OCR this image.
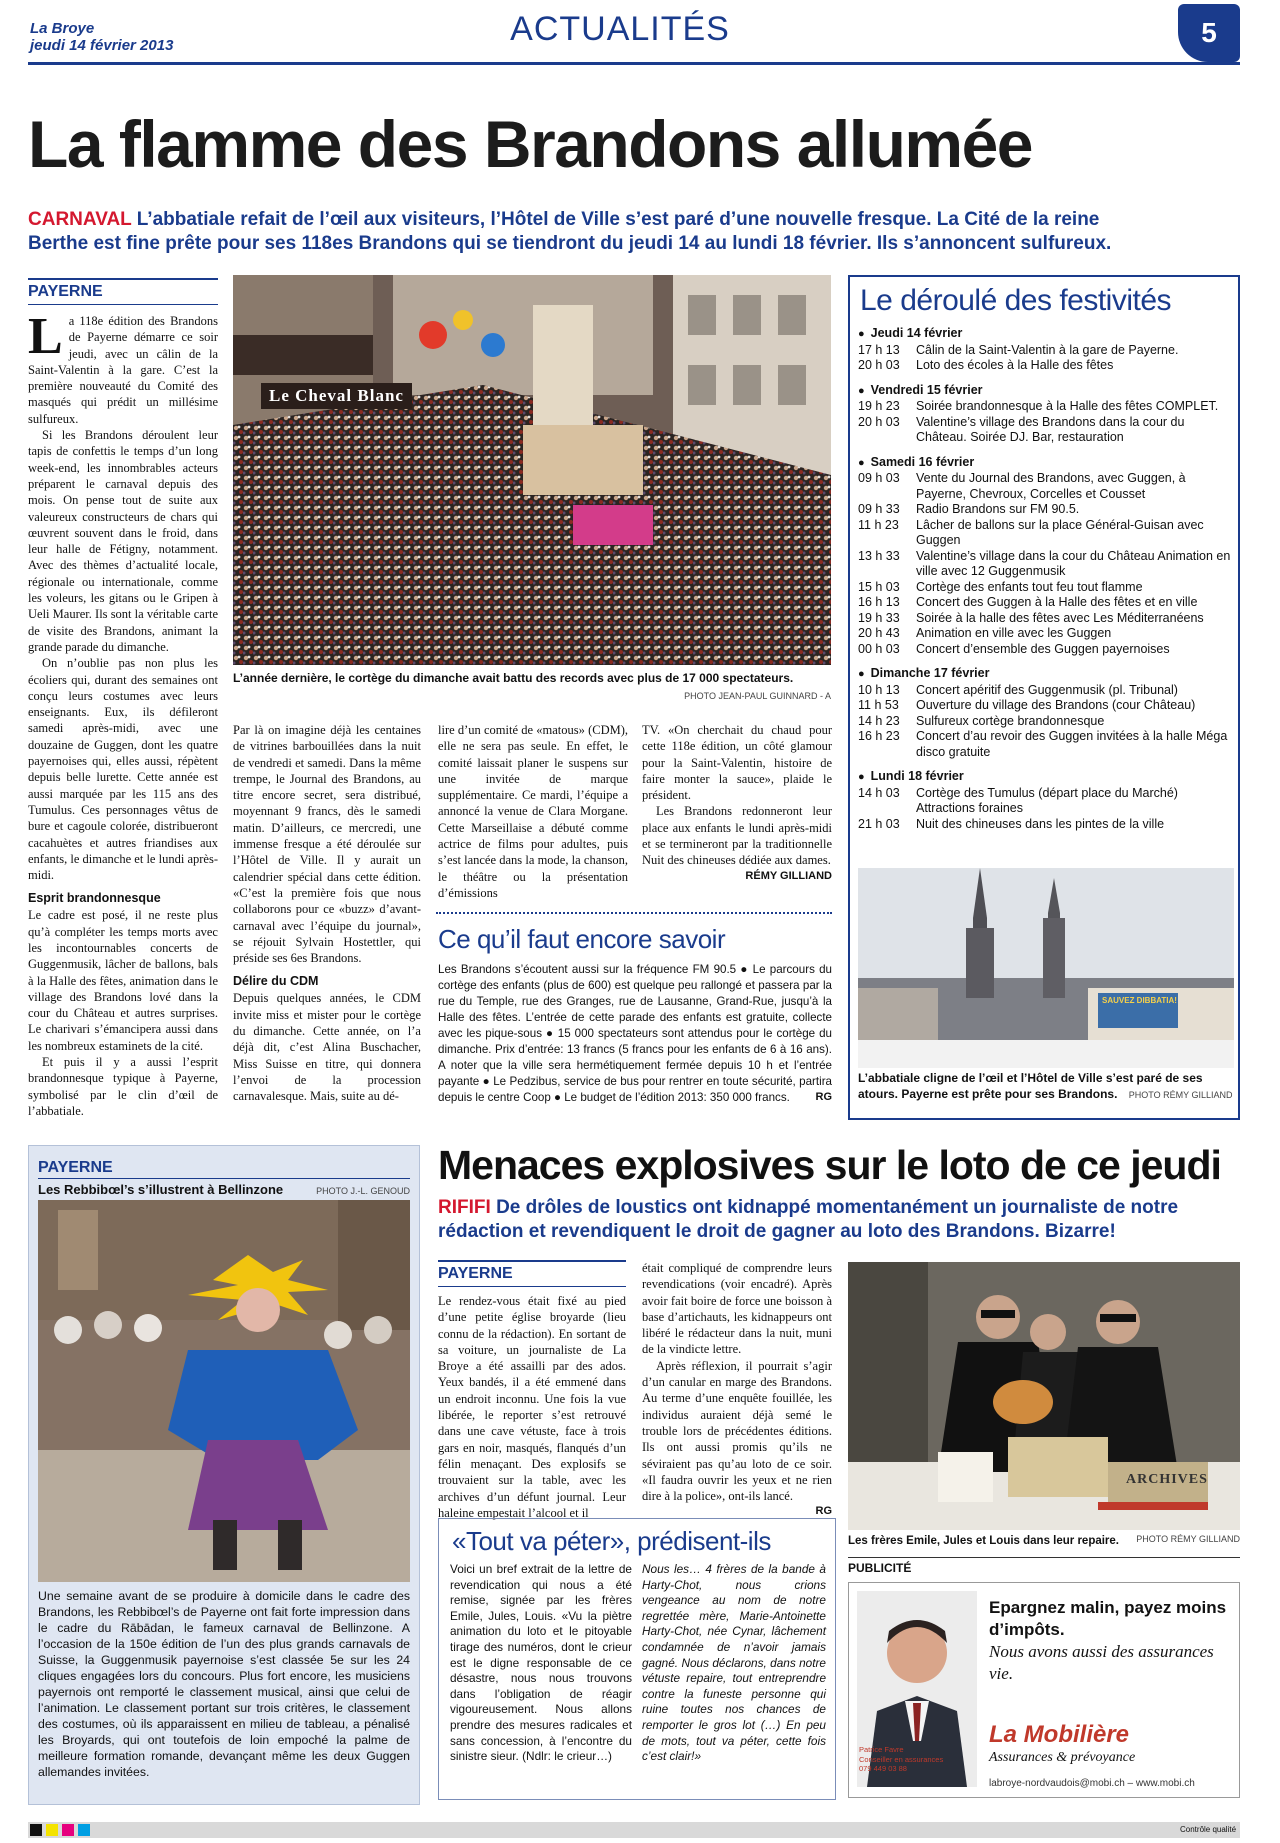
La Broye
jeudi 14 février 2013	ACTUALITÉS	5
La flamme des Brandons allumée
CARNAVAL L’abbatiale refait de l’œil aux visiteurs, l’Hôtel de Ville s’est paré d’une nouvelle fresque. La Cité de la reine
Berthe est fine prête pour ses 118es Brandons qui se tiendront du jeudi 14 au lundi 18 février. Ils s’annoncent sulfureux.
PAYERNE

La 118e édition des Brandons de Payerne démarre ce soir jeudi, avec un câlin de la Saint-Valentin à la gare. C’est la première nouveauté du Comité des masqués qui prédit un millésime sulfureux.

Si les Brandons déroulent leur tapis de confettis le temps d’un long week-end, les innombrables acteurs préparent le carnaval depuis des mois. On pense tout de suite aux valeureux constructeurs de chars qui œuvrent souvent dans le froid, dans leur halle de Fétigny, notamment. Avec des thèmes d’actualité locale, régionale ou internationale, comme les voleurs, les gitans ou le Gripen à Ueli Maurer. Ils sont la véritable carte de visite des Brandons, animant la grande parade du dimanche.

On n’oublie pas non plus les écoliers qui, durant des semaines ont conçu leurs costumes avec leurs enseignants. Eux, ils défileront samedi après-midi, avec une douzaine de Guggen, dont les quatre payernoises qui, elles aussi, répètent depuis belle lurette. Cette année est aussi marquée par les 115 ans des Tumulus. Ces personnages vêtus de bure et cagoule colorée, distribueront cacahuètes et autres friandises aux enfants, le dimanche et le lundi après-midi.

Esprit brandonnesque

Le cadre est posé, il ne reste plus qu’à compléter les temps morts avec les incontournables concerts de Guggenmusik, lâcher de ballons, bals à la Halle des fêtes, animation dans le village des Brandons lové dans la cour du Château et autres surprises. Le charivari s’émancipera aussi dans les nombreux estaminets de la cité.

Et puis il y a aussi l’esprit brandonnesque typique à Payerne, symbolisé par le clin d’œil de l’abbatiale.

Le Cheval Blanc
L’année dernière, le cortège du dimanche avait battu des records avec plus de 17 000 spectateurs.
PHOTO JEAN-PAUL GUINNARD - A

Par là on imagine déjà les centaines de vitrines barbouillées dans la nuit de vendredi et samedi. Dans la même trempe, le Journal des Brandons, au titre encore secret, sera distribué, moyennant 9 francs, dès le samedi matin. D’ailleurs, ce mercredi, une immense fresque a été déroulée sur l’Hôtel de Ville. Il y aurait un calendrier spécial dans cette édition. «C’est la première fois que nous collaborons pour ce «buzz» d’avant-carnaval avec l’équipe du journal», se réjouit Sylvain Hostettler, qui préside ses 6es Brandons.

Délire du CDM

Depuis quelques années, le CDM invite miss et mister pour le cortège du dimanche. Cette année, on l’a déjà dit, c’est Alina Buschacher, Miss Suisse en titre, qui donnera l’envoi de la procession carnavalesque. Mais, suite au dé-

lire d’un comité de «matous» (CDM), elle ne sera pas seule. En effet, le comité laissait planer le suspens sur une invitée de marque supplémentaire. Ce mardi, l’équipe a annoncé la venue de Clara Morgane. Cette Marseillaise a débuté comme actrice de films pour adultes, puis s’est lancée dans la mode, la chanson, le théâtre ou la présentation d’émissions

TV. «On cherchait du chaud pour cette 118e édition, un côté glamour pour la Saint-Valentin, histoire de faire monter la sauce», plaide le président.

Les Brandons redonneront leur place aux enfants le lundi après-midi et se termineront par la traditionnelle Nuit des chineuses dédiée aux dames.

RÉMY GILLIAND
Le déroulé des festivités
● Jeudi 14 février
17 h 13	Câlin de la Saint-Valentin à la gare de Payerne.
20 h 03	Loto des écoles à la Halle des fêtes
● Vendredi 15 février
19 h 23	Soirée brandonnesque à la Halle des fêtes COMPLET.
20 h 03	Valentine’s village des Brandons dans la cour du Château. Soirée DJ. Bar, restauration
● Samedi 16 février
09 h 03	Vente du Journal des Brandons, avec Guggen, à Payerne, Chevroux, Corcelles et Cousset
09 h 33	Radio Brandons sur FM 90.5.
11 h 23	Lâcher de ballons sur la place Général-Guisan avec Guggen
13 h 33	Valentine’s village dans la cour du Château Animation en ville avec 12 Guggenmusik
15 h 03	Cortège des enfants tout feu tout flamme
16 h 13	Concert des Guggen à la Halle des fêtes et en ville
19 h 33	Soirée à la halle des fêtes avec Les Méditerranéens
20 h 43	Animation en ville avec les Guggen
00 h 03	Concert d’ensemble des Guggen payernoises
● Dimanche 17 février
10 h 13	Concert apéritif des Guggenmusik (pl. Tribunal)
11 h 53	Ouverture du village des Brandons (cour Château)
14 h 23	Sulfureux cortège brandonnesque
16 h 23	Concert d’au revoir des Guggen invitées à la halle Méga disco gratuite
● Lundi 18 février
14 h 03	Cortège des Tumulus (départ place du Marché) Attractions foraines
21 h 03	Nuit des chineuses dans les pintes de la ville
SAUVEZ DIBBATIA!
L’abbatiale cligne de l’œil et l’Hôtel de Ville s’est paré de ses atours. Payerne est prête pour ses Brandons. PHOTO RÉMY GILLIAND
Ce qu’il faut encore savoir
Les Brandons s’écoutent aussi sur la fréquence FM 90.5 ● Le parcours du cortège des enfants (plus de 600) est quelque peu rallongé et passera par la rue du Temple, rue des Granges, rue de Lausanne, Grand-Rue, jusqu’à la Halle des fêtes. L’entrée de cette parade des enfants est gratuite, collecte avec les pique-sous ● 15 000 spectateurs sont attendus pour le cortège du dimanche. Prix d’entrée: 13 francs (5 francs pour les enfants de 6 à 16 ans). A noter que la ville sera hermétiquement fermée depuis 10 h et l’entrée payante ● Le Pedzibus, service de bus pour rentrer en toute sécurité, partira depuis le centre Coop ● Le budget de l’édition 2013: 350 000 francs. RG
PAYERNE
Les Rebbibœl’s s’illustrent à Bellinzone	PHOTO J.-L. GENOUD
Une semaine avant de se produire à domicile dans le cadre des Brandons, les Rebbibœl’s de Payerne ont fait forte impression dans le cadre du Rābādan, le fameux carnaval de Bellinzone. A l’occasion de la 150e édition de l’un des plus grands carnavals de Suisse, la Guggenmusik payernoise s’est classée 5e sur les 24 cliques engagées lors du concours. Plus fort encore, les musiciens payernois ont remporté le classement musical, ainsi que celui de l’animation. Le classement portant sur trois critères, le classement des costumes, où ils apparaissent en milieu de tableau, a pénalisé les Broyards, qui ont toutefois de loin empoché la palme de meilleure formation romande, devançant même les deux Guggen allemandes invitées.
Menaces explosives sur le loto de ce jeudi
RIFIFI De drôles de loustics ont kidnappé momentanément un journaliste de notre
rédaction et revendiquent le droit de gagner au loto des Brandons. Bizarre!
PAYERNE

Le rendez-vous était fixé au pied d’une petite église broyarde (lieu connu de la rédaction). En sortant de sa voiture, un journaliste de La Broye a été assailli par des ados. Yeux bandés, il a été emmené dans un endroit inconnu. Une fois la vue libérée, le reporter s’est retrouvé dans une cave vétuste, face à trois gars en noir, masqués, flanqués d’un félin menaçant. Des explosifs se trouvaient sur la table, avec les archives d’un défunt journal. Leur haleine empestait l’alcool et il

était compliqué de comprendre leurs revendications (voir encadré). Après avoir fait boire de force une boisson à base d’artichauts, les kidnappeurs ont libéré le rédacteur dans la nuit, muni de la vindicte lettre.

Après réflexion, il pourrait s’agir d’un canular en marge des Brandons. Au terme d’une enquête fouillée, les individus auraient déjà semé le trouble lors de précédentes éditions. Ils ont aussi promis qu’ils ne séviraient pas qu’au loto de ce soir. «Il faudra ouvrir les yeux et ne rien dire à la police», ont-ils lancé.

RG
ARCHIVES
Les frères Emile, Jules et Louis dans leur repaire. PHOTO RÉMY GILLIAND
«Tout va péter», prédisent-ils
Voici un bref extrait de la lettre de revendication qui nous a été remise, signée par les frères Emile, Jules, Louis. «Vu la piètre animation du loto et le pitoyable tirage des numéros, dont le crieur est le digne responsable de ce désastre, nous nous trouvons dans l’obligation de réagir vigoureusement. Nous allons prendre des mesures radicales et sans concession, à l’encontre du sinistre sieur. (Ndlr: le crieur…)
Nous les… 4 frères de la bande à Harty-Chot, nous crions vengeance au nom de notre regrettée mère, Marie-Antoinette Harty-Chot, née Cynar, lâchement condamnée de n’avoir jamais gagné. Nous déclarons, dans notre vétuste repaire, tout entreprendre contre la funeste personne qui ruine toutes nos chances de remporter le gros lot (…) En peu de mots, tout va péter, cette fois c’est clair!»
PUBLICITÉ
Patrice Favre
Conseiller en assurances
079 449 03 88
Epargnez malin, payez moins d’impôts.
Nous avons aussi des assurances vie.
La Mobilière
Assurances & prévoyance
labroye-nordvaudois@mobi.ch – www.mobi.ch
Contrôle qualité
